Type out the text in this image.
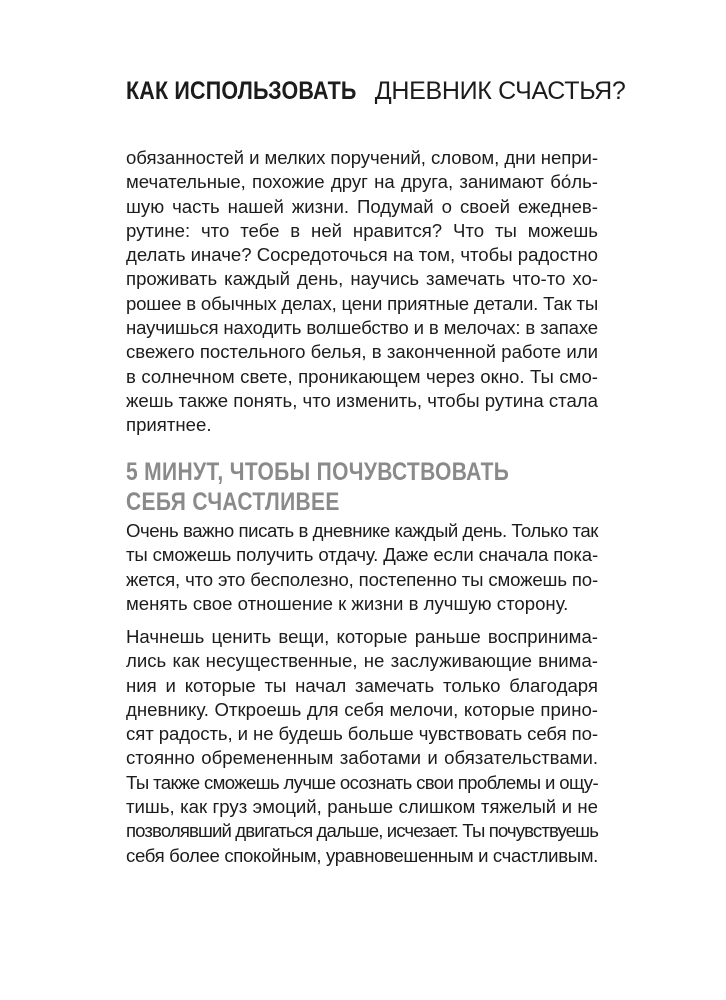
КАК ИСПОЛЬЗОВАТЬ ДНЕВНИК СЧАСТЬЯ?
обязанностей и мелких поручений, словом, дни непри-
мечательные, похожие друг на друга, занимают бо́ль-
шую часть нашей жизни. Подумай о своей ежеднев-
рутине: что тебе в ней нравится? Что ты можешь
делать иначе? Сосредоточься на том, чтобы радостно
проживать каждый день, научись замечать что-то хо-
рошее в обычных делах, цени приятные детали. Так ты
научишься находить волшебство и в мелочах: в запахе
свежего постельного белья, в законченной работе или
в солнечном свете, проникающем через окно. Ты смо-
жешь также понять, что изменить, чтобы рутина стала
приятнее.
5 МИНУТ, ЧТОБЫ ПОЧУВСТВОВАТЬ
СЕБЯ СЧАСТЛИВЕЕ
Очень важно писать в дневнике каждый день. Только так
ты сможешь получить отдачу. Даже если сначала пока-
жется, что это бесполезно, постепенно ты сможешь по-
менять свое отношение к жизни в лучшую сторону.
Начнешь ценить вещи, которые раньше воспринима-
лись как несущественные, не заслуживающие внима-
ния и которые ты начал замечать только благодаря
дневнику. Откроешь для себя мелочи, которые прино-
сят радость, и не будешь больше чувствовать себя по-
стоянно обремененным заботами и обязательствами.
Ты также сможешь лучше осознать свои проблемы и ощу-
тишь, как груз эмоций, раньше слишком тяжелый и не
позволявший двигаться дальше, исчезает. Ты почувствуешь
себя более спокойным, уравновешенным и счастливым.
